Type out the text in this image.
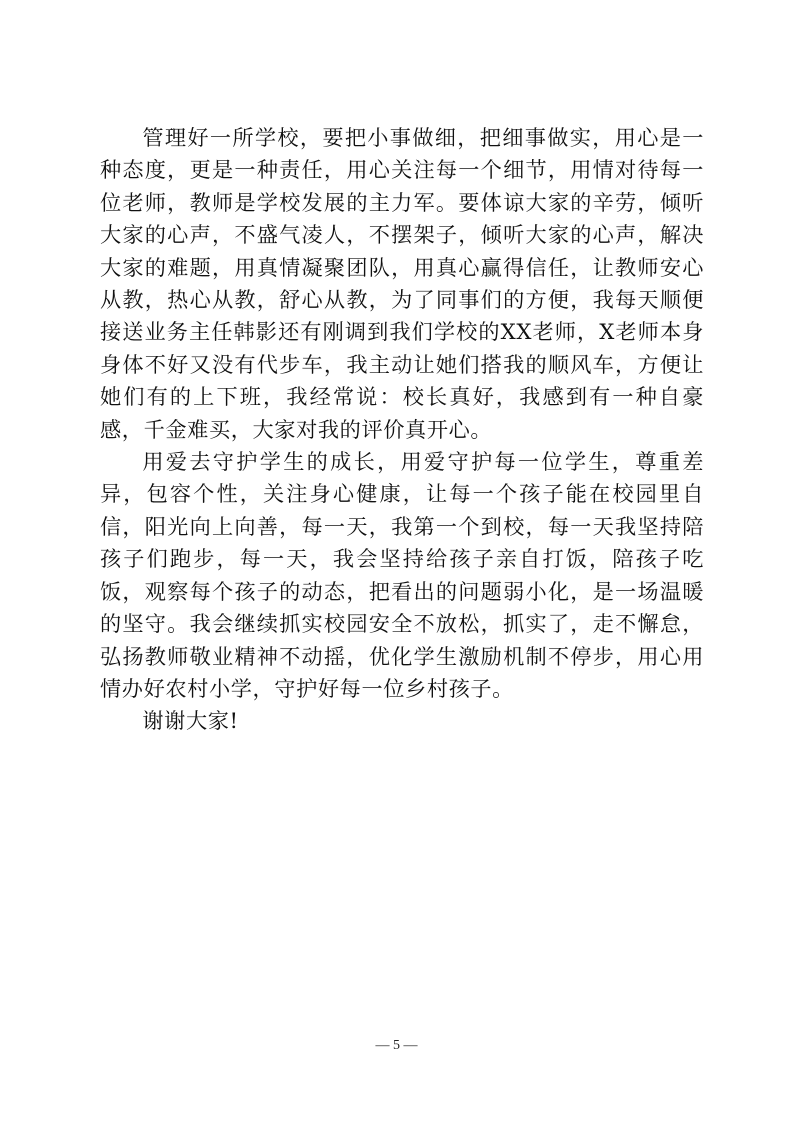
管理好一所学校，要把小事做细，把细事做实，用心是一种态度，更是一种责任，用心关注每一个细节，用情对待每一位老师，教师是学校发展的主力军。要体谅大家的辛劳，倾听大家的心声，不盛气凌人，不摆架子，倾听大家的心声，解决大家的难题，用真情凝聚团队，用真心赢得信任，让教师安心从教，热心从教，舒心从教，为了同事们的方便，我每天顺便接送业务主任韩影还有刚调到我们学校的XX老师，X老师本身身体不好又没有代步车，我主动让她们搭我的顺风车，方便让她们有的上下班，我经常说：校长真好，我感到有一种自豪感，千金难买，大家对我的评价真开心。

用爱去守护学生的成长，用爱守护每一位学生，尊重差异，包容个性，关注身心健康，让每一个孩子能在校园里自信，阳光向上向善，每一天，我第一个到校，每一天我坚持陪孩子们跑步，每一天，我会坚持给孩子亲自打饭，陪孩子吃饭，观察每个孩子的动态，把看出的问题弱小化，是一场温暖的坚守。我会继续抓实校园安全不放松，抓实了，走不懈怠，弘扬教师敬业精神不动摇，优化学生激励机制不停步，用心用情办好农村小学，守护好每一位乡村孩子。

谢谢大家!

— 5 —
